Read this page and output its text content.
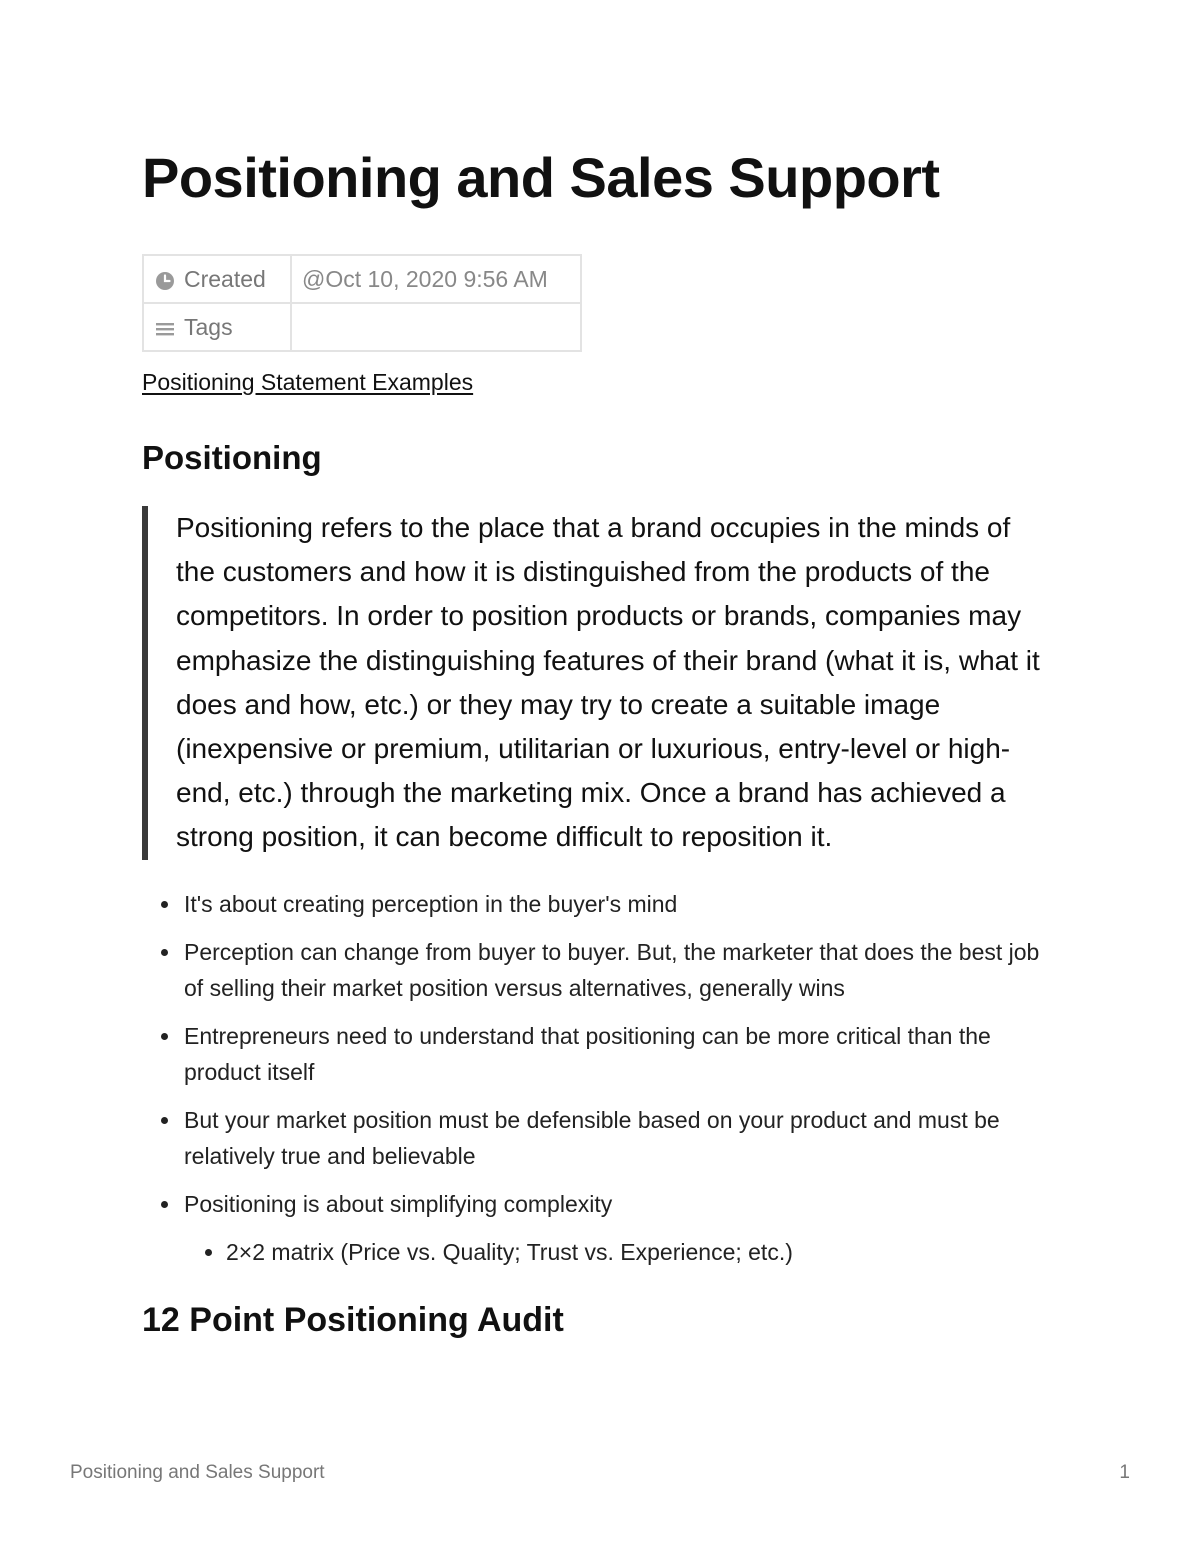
Positioning and Sales Support
Created	@Oct 10, 2020 9:56 AM
Tags	
Positioning Statement Examples
Positioning
Positioning refers to the place that a brand occupies in the minds of the customers and how it is distinguished from the products of the competitors. In order to position products or brands, companies may emphasize the distinguishing features of their brand (what it is, what it does and how, etc.) or they may try to create a suitable image (inexpensive or premium, utilitarian or luxurious, entry-level or high-end, etc.) through the marketing mix. Once a brand has achieved a strong position, it can become difficult to reposition it.
• It's about creating perception in the buyer's mind
• Perception can change from buyer to buyer. But, the marketer that does the best job of selling their market position versus alternatives, generally wins
• Entrepreneurs need to understand that positioning can be more critical than the product itself
• But your market position must be defensible based on your product and must be relatively true and believable
• Positioning is about simplifying complexity
• 2×2 matrix (Price vs. Quality; Trust vs. Experience; etc.)
12 Point Positioning Audit
Positioning and Sales Support	1
